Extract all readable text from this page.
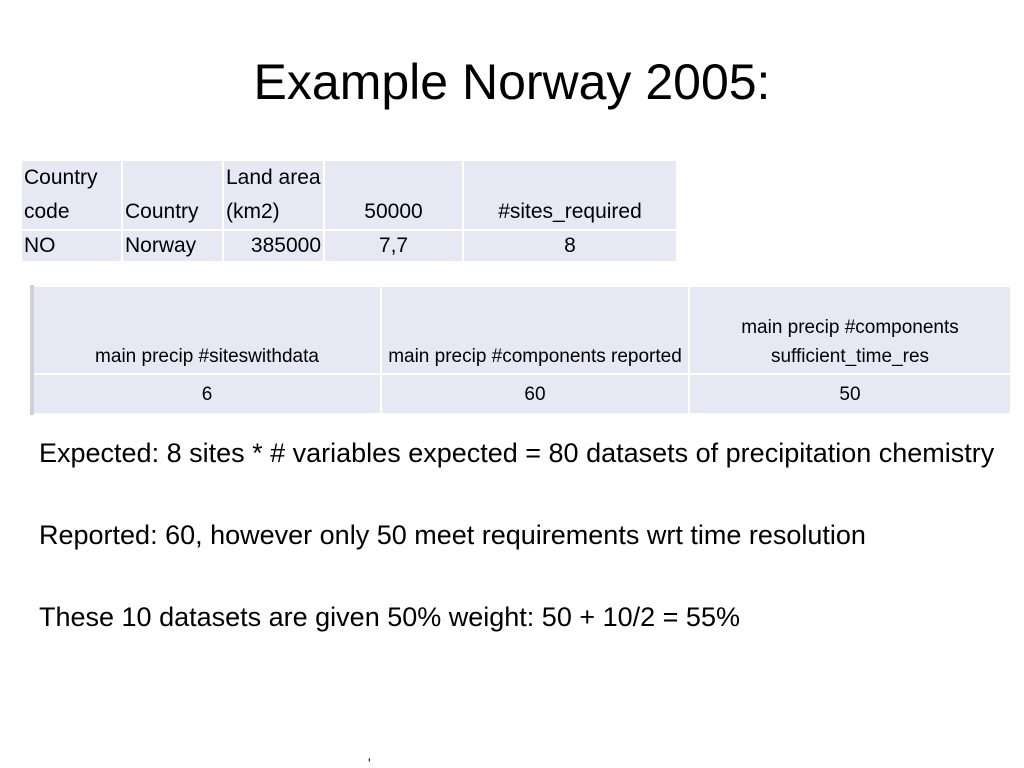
Example Norway 2005:
Country code	Country	Land area (km2)	50000	#sites_required
NO	Norway	385000	7,7	8
main precip #siteswithdata	main precip #components reported	main precip #components sufficient_time_res
6	60	50

Expected: 8 sites * # variables expected = 80 datasets of precipitation chemistry

Reported: 60, however only 50 meet requirements wrt time resolution

These 10 datasets are given 50% weight: 50 + 10/2 = 55%

'
